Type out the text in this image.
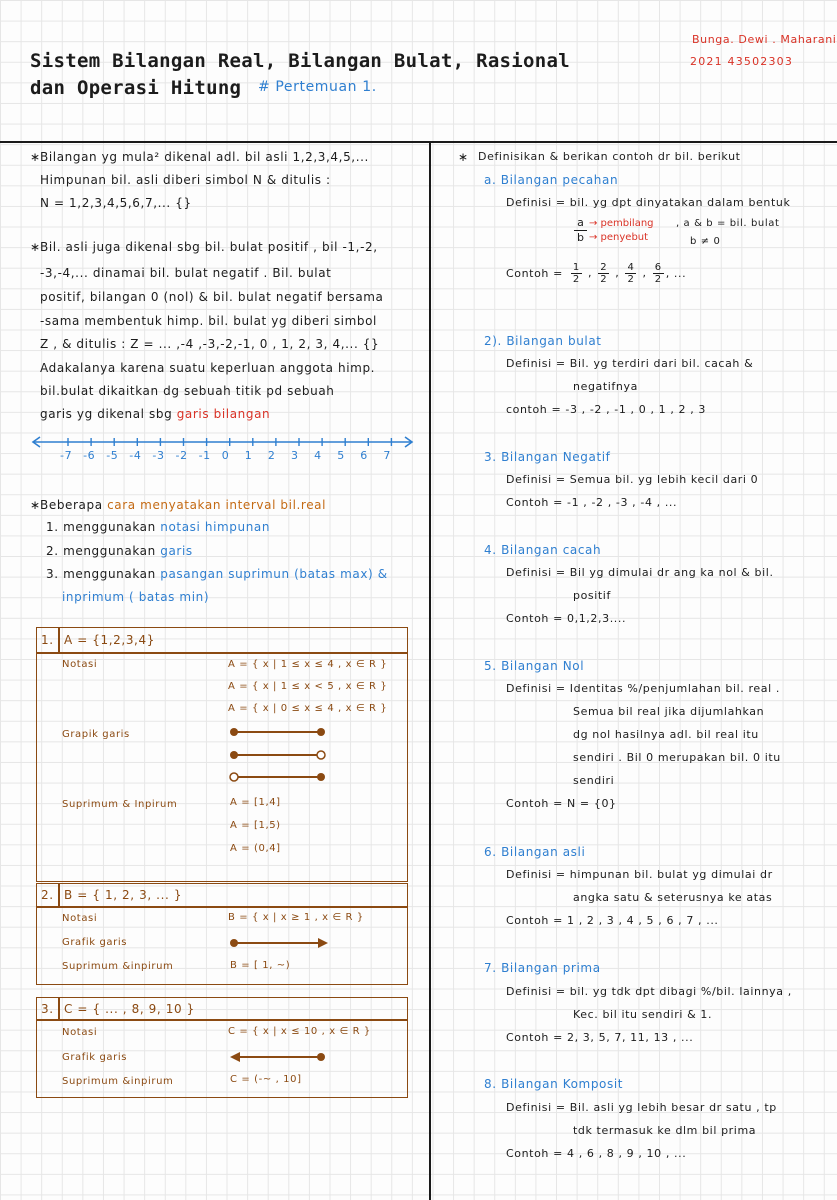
Bunga. Dewi . Maharani
2021 43502303
Sistem Bilangan Real, Bilangan Bulat, Rasional
dan Operasi Hitung # Pertemuan 1.
∗ Bilangan yg mula² dikenal adl. bil asli 1,2,3,4,5,...
Himpunan bil. asli diberi simbol N & ditulis :
N = 1,2,3,4,5,6,7,... {}
∗ Bil. asli juga dikenal sbg bil. bulat positif , bil -1,-2,
-3,-4,... dinamai bil. bulat negatif . Bil. bulat
positif, bilangan 0 (nol) & bil. bulat negatif bersama
-sama membentuk himp. bil. bulat yg diberi simbol
Z , & ditulis : Z = ... ,-4 ,-3,-2,-1, 0 , 1, 2, 3, 4,... {}
Adakalanya karena suatu keperluan anggota himp.
bil.bulat dikaitkan dg sebuah titik pd sebuah
garis yg dikenal sbg garis bilangan
-7 -6 -5 -4 -3 -2 -1 0 1 2 3 4 5 6 7
∗ Beberapa cara menyatakan interval bil.real
1. menggunakan notasi himpunan
2. menggunakan garis
3. menggunakan pasangan suprimun (batas max) &
inprimum ( batas min)
1. A = {1,2,3,4}
Notasi	A = { x | 1 ≤ x ≤ 4 , x ∈ R }
A = { x | 1 ≤ x < 5 , x ∈ R }
A = { x | 0 ≤ x ≤ 4 , x ∈ R }
Grapik garis
Suprimum & Inpirum	A = [1,4]
A = [1,5)
A = (0,4]
2. B = { 1, 2, 3, ... }
Notasi	B = { x | x ≥ 1 , x ∈ R }
Grafik garis
Suprimum &inpirum	B = [ 1, ~)
3. C = { ... , 8, 9, 10 }
Notasi	C = { x | x ≤ 10 , x ∈ R }
Grafik garis
Suprimum &inpirum	C = (-~ , 10]
∗ Definisikan & berikan contoh dr bil. berikut
a. Bilangan pecahan
Definisi = bil. yg dpt dinyatakan dalam bentuk
$\frac{a}{b}$ → pembilang
→ penyebut
, a & b = bil. bulat
b ≠ 0
Contoh = $\frac{1}{2}$ , $\frac{2}{2}$ , $\frac{4}{2}$ , $\frac{6}{2}$ , ...
2). Bilangan bulat
Definisi = Bil. yg terdiri dari bil. cacah &
negatifnya
contoh = -3 , -2 , -1 , 0 , 1 , 2 , 3
3. Bilangan Negatif
Definisi = Semua bil. yg lebih kecil dari 0
Contoh = -1 , -2 , -3 , -4 , ...
4. Bilangan cacah
Definisi = Bil yg dimulai dr ang ka nol & bil.
positif
Contoh = 0,1,2,3....
5. Bilangan Nol
Definisi = Identitas %/penjumlahan bil. real .
Semua bil real jika dijumlahkan
dg nol hasilnya adl. bil real itu
sendiri . Bil 0 merupakan bil. 0 itu
sendiri
Contoh = N = {0}
6. Bilangan asli
Definisi = himpunan bil. bulat yg dimulai dr
angka satu & seterusnya ke atas
Contoh = 1 , 2 , 3 , 4 , 5 , 6 , 7 , ...
7. Bilangan prima
Definisi = bil. yg tdk dpt dibagi %/bil. lainnya ,
Kec. bil itu sendiri & 1.
Contoh = 2, 3, 5, 7, 11, 13 , ...
8. Bilangan Komposit
Definisi = Bil. asli yg lebih besar dr satu , tp
tdk termasuk ke dlm bil prima
Contoh = 4 , 6 , 8 , 9 , 10 , ...
